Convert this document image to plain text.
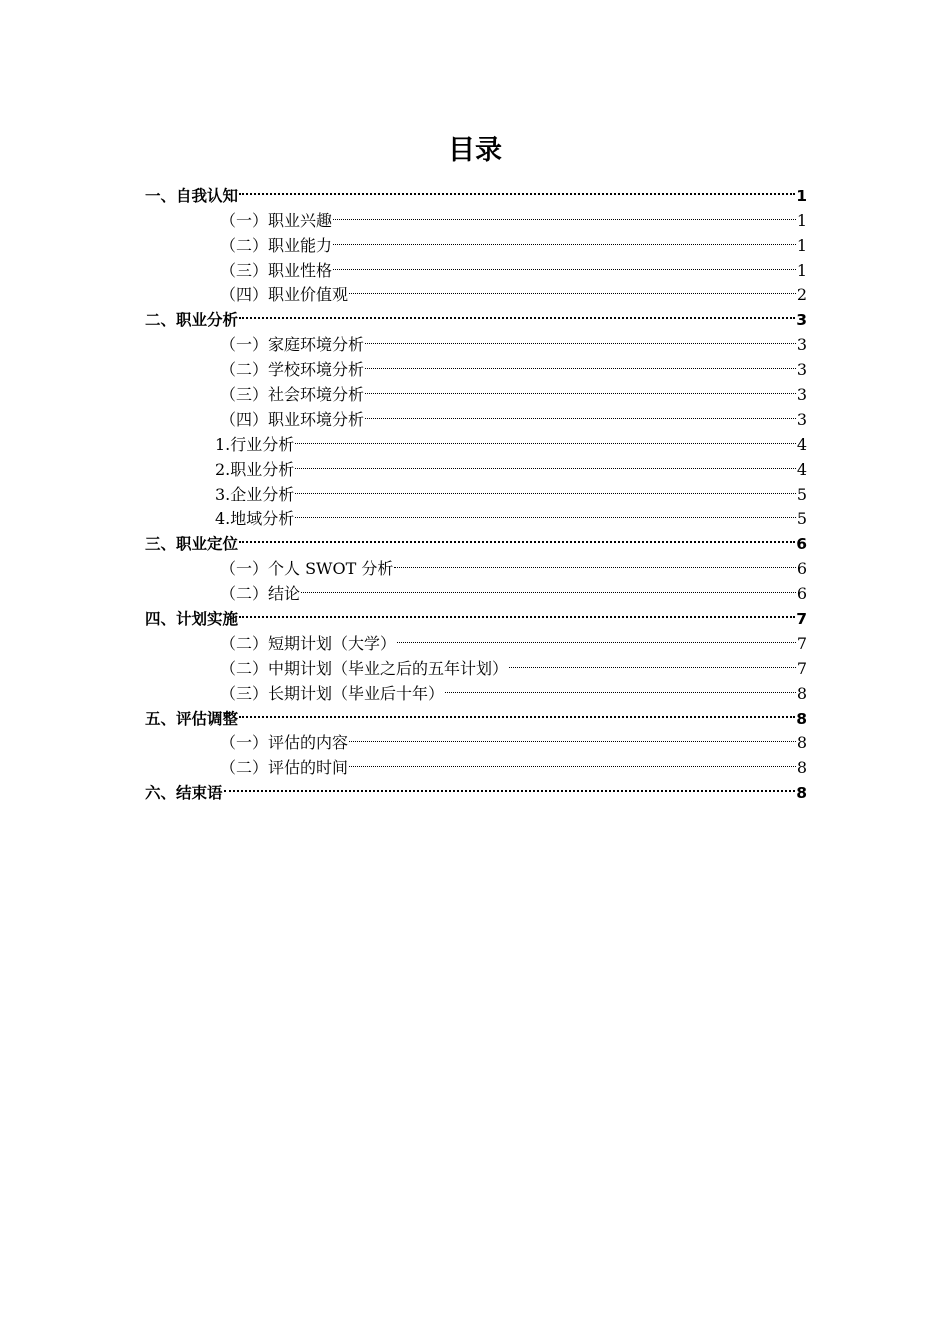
目录
一、自我认知	1
（一）职业兴趣	1
（二）职业能力	1
（三）职业性格	1
（四）职业价值观	2
二、职业分析	3
（一）家庭环境分析	3
（二）学校环境分析	3
（三）社会环境分析	3
（四）职业环境分析	3
1.行业分析	4
2.职业分析	4
3.企业分析	5
4.地域分析	5
三、职业定位	6
（一）个人 SWOT 分析	6
（二）结论	6
四、计划实施	7
（二）短期计划（大学）	7
（二）中期计划（毕业之后的五年计划）	7
（三）长期计划（毕业后十年）	8
五、评估调整	8
（一）评估的内容	8
（二）评估的时间	8
六、结束语	8
